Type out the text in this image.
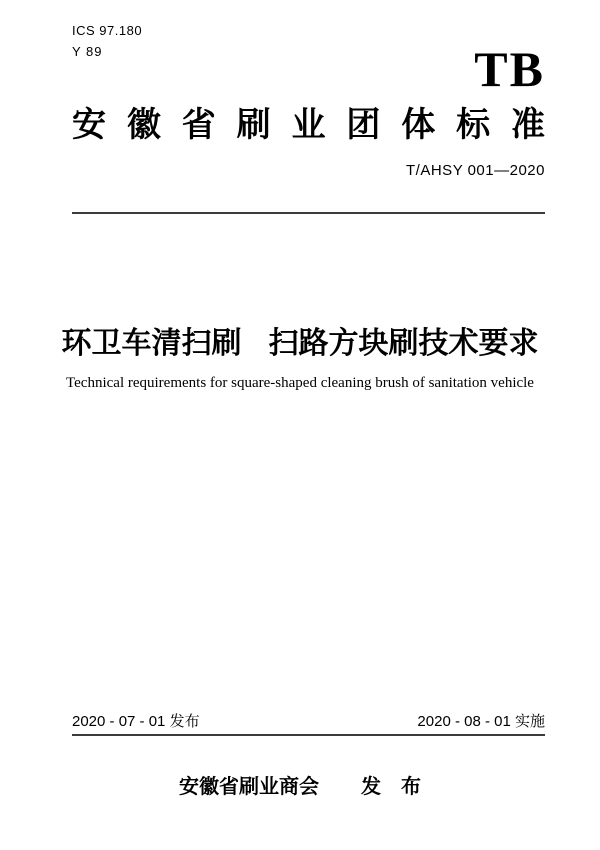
ICS 97.180
Y 89	TB
安徽省刷业团体标准
T/AHSY 001—2020
环卫车清扫刷 扫路方块刷技术要求
Technical requirements for square-shaped cleaning brush of sanitation vehicle
2020 - 07 - 01 发布	2020 - 08 - 01 实施
安徽省刷业商会 发　布
